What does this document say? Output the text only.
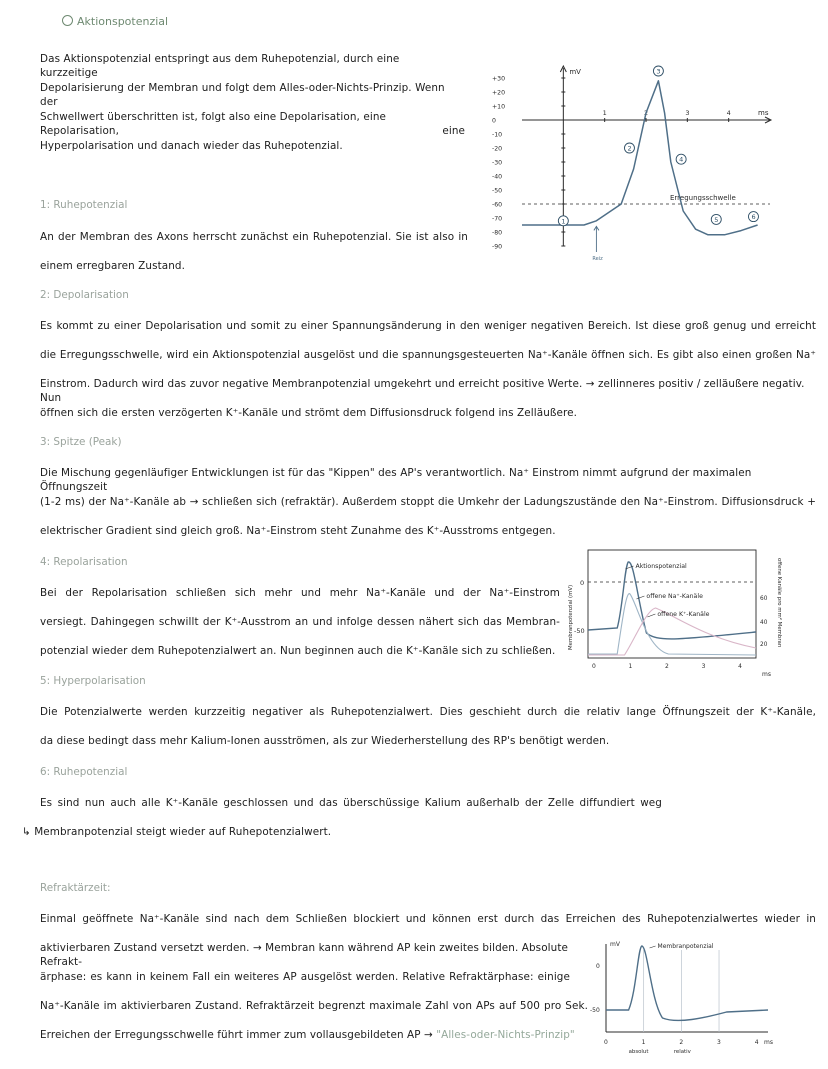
Aktionspotenzial
Das Aktionspotenzial entspringt aus dem Ruhepotenzial, durch eine kurzzeitige
Depolarisierung der Membran und folgt dem Alles-oder-Nichts-Prinzip. Wenn der
Schwellwert überschritten ist, folgt also eine Depolarisation, eine Repolarisation, eine
Hyperpolarisation und danach wieder das Ruhepotenzial.
mV
ms
+30
+20
+10
0
-10
-20
-30
-40
-50
-60
-70
-80
-90
1	2	3	4
Erregungsschwelle
1
2
3
4
5	6
Reiz
1: Ruhepotenzial
An der Membran des Axons herrscht zunächst ein Ruhepotenzial. Sie ist also in
einem erregbaren Zustand.
2: Depolarisation
Es kommt zu einer Depolarisation und somit zu einer Spannungsänderung in den weniger negativen Bereich. Ist diese groß genug und erreicht
die Erregungsschwelle, wird ein Aktionspotenzial ausgelöst und die spannungsgesteuerten Na⁺-Kanäle öffnen sich. Es gibt also einen großen Na⁺
Einstrom. Dadurch wird das zuvor negative Membranpotenzial umgekehrt und erreicht positive Werte. → zellinneres positiv / zelläußere negativ. Nun
öffnen sich die ersten verzögerten K⁺-Kanäle und strömt dem Diffusionsdruck folgend ins Zelläußere.
3: Spitze (Peak)
Die Mischung gegenläufiger Entwicklungen ist für das "Kippen" des AP's verantwortlich. Na⁺ Einstrom nimmt aufgrund der maximalen Öffnungszeit
(1-2 ms) der Na⁺-Kanäle ab → schließen sich (refraktär). Außerdem stoppt die Umkehr der Ladungszustände den Na⁺-Einstrom. Diffusionsdruck +
elektrischer Gradient sind gleich groß. Na⁺-Einstrom steht Zunahme des K⁺-Ausstroms entgegen.
4: Repolarisation
Bei der Repolarisation schließen sich mehr und mehr Na⁺-Kanäle und der Na⁺-Einstrom
versiegt. Dahingegen schwillt der K⁺-Ausstrom an und infolge dessen nähert sich das Membran-
potenzial wieder dem Ruhepotenzialwert an. Nun beginnen auch die K⁺-Kanäle sich zu schließen.
0
-50
60
40
20
0	1	2	3	4
ms
Membranpotenzial (mV)	offene Kanäle pro mm² Membran
Aktionspotenzial
offene Na⁺-Kanäle
offene K⁺-Kanäle
5: Hyperpolarisation
Die Potenzialwerte werden kurzzeitig negativer als Ruhepotenzialwert. Dies geschieht durch die relativ lange Öffnungszeit der K⁺-Kanäle,
da diese bedingt dass mehr Kalium-Ionen ausströmen, als zur Wiederherstellung des RP's benötigt werden.
6: Ruhepotenzial
Es sind nun auch alle K⁺-Kanäle geschlossen und das überschüssige Kalium außerhalb der Zelle diffundiert weg
↳ Membranpotenzial steigt wieder auf Ruhepotenzialwert.
Refraktärzeit:
Einmal geöffnete Na⁺-Kanäle sind nach dem Schließen blockiert und können erst durch das Erreichen des Ruhepotenzialwertes wieder in
aktivierbaren Zustand versetzt werden. → Membran kann während AP kein zweites bilden. Absolute Refrakt-
ärphase: es kann in keinem Fall ein weiteres AP ausgelöst werden. Relative Refraktärphase: einige
Na⁺-Kanäle im aktivierbaren Zustand. Refraktärzeit begrenzt maximale Zahl von APs auf 500 pro Sek.
Erreichen der Erregungsschwelle führt immer zum vollausgebildeten AP → "Alles-oder-Nichts-Prinzip"
mV
ms
0
-50
0	1	2	3	4
Membranpotenzial
absolut	relativ
